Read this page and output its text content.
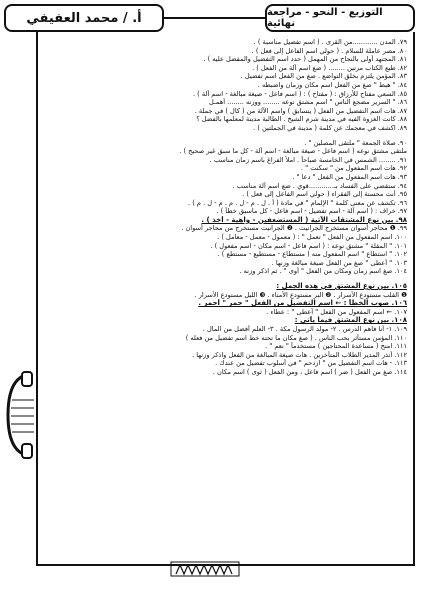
أ. / محمد العفيفي	التوزيع - النحو - مراجعة نهائية
٧٩. المدن ............من القرى . ( اسم تفضيل مناسبة ) .
٨٠. مصر عاملة للسلام . ( حولي اسم الفاعل إلى فعل ) .
٨١. المجتهد أولى بالنجاح من المهمل ( حدد اسم التفضيل والمفضل عليه ) .
٨٢. طبع الكتاب مرتين ........ ( صغ اسم آلة من الفعل ) .
٨٣. المؤمن يلتزم بخلق التواضع . صغ من الفعل اسم تفضيل .
٨٤. " هبط " صغ من الفعل اسم مكان وزمان واضبطه .
٨٥. السعي مفتاح للأرزاق : ( مفتاح ) : ( اسم فاعل - صيغة مبالغة - اسم آلة ) .
٨٦. " السرير مضجع الناس " اسم مشتق نوعه ........ ووزنه ........ أهمـل
٨٧. هات اسم التفضيل من الفعل ( يتسابق ) واسم الآلة من ( كال ) في جملة .
٨٨. كانت الغزوة الفيه في مدينة شرم الشيخ . الطالبة مدينة لمعلمها بالفضل ؟
٨٩. اكشف في معجمك عن كلمة ( مدينة في الجملتين ) .
٩٠. صلاة الجمعة " ملتقى المصلين " .
ملتقى مشتق نوعه ( اسم فاعل - صيغة مبالغة - اسم آلة - كل ما سبق غير صحيح ) .
٩١. ........ الشمس في الخامسة صباحاً . املأ الفراغ باسم زمان مناسب .
٩٢. هات اسم المفعول من " سكنت " .
٩٣. هات اسم المفعول من الفعل " دعا " .
٩٤. ستقضي على الفساد بـ............قوي . ضع اسم آلة مناسب .
٩٥. أنت محسنة إلى الفقراء ( حولي اسم الفاعل إلى فعل ) .
٩٦. تكشف عن معنى كلمة " الإلمام " في مادة ( أ . ل . م - ل . م . م - ل . م ) .
٩٧. خراف : ( اسم آلة - اسم تفضيل - اسم فاعل - كل ماسبق خطأ ) .
٩٨. بين نوع المشتقات الآتية ( المستضعفين - واهية - أخذ ) .
٩٩. ❶ محاجر أسوان مستخرج الجرانيت . ❷ الجرانيت مستخرج من محاجر أسوان .
١٠٠. اسم المفعول من الفعل " تعمل " : ( معمول - معمل - معامل ) .
١٠١. " المقلة " مشتق نوعه : ( اسم فاعل - اسم مكان - اسم مفعول ) .
١٠٢. " استطاع " اسم المفعول منه ( مستطاع - مستطيع - مستطع ) .
١٠٣. " أعطى " صغ من الفعل صيغة مبالغة وزنها .
١٠٤. صغ اسم زمان ومكان من الفعل " أوى " . ثم اذكر وزنه .
١٠٥. بين نوع المشتق في هذه الجمل :
❶ القلب مستودع الأسرار . ❷ البر مستودع الأمناء . ❸ الليل مستودع الأسرار .
١٠٦. صوب الخطأ : ← اسم التفضيل من الفعل " حمر " أحمر .
١٠٧. ← اسم المفعول من الفعل " أعطى " : عطاء .
١٠٨. بين نوع المشتق فيما يأتي :
١٠٩. ١- أنا فاهم الدرس . ٢- مولد الرسول مكة . ٣- العلم أفضل من المال .
١١٠. المؤمن مستأثر بحب الناس . ( صغ مكان ما تحته خط اسم تفضيل من فعله )
١١١. امنح ( مساعدة المحتاجين ) مستخدماً " نعم " .
١١٢. أنذر المدير الطلاب المتأخرين . هات صيغة المبالغة من الفعل واذكر وزنها .
١١٣. - هات اسم التفضيل من " ازدحم " في أسلوب تفضيل من عندك .
١١٤. صغ من الفعل ( ضر ) اسم فاعل ، ومن الفعل ( ثوى ) اسم مكان .
